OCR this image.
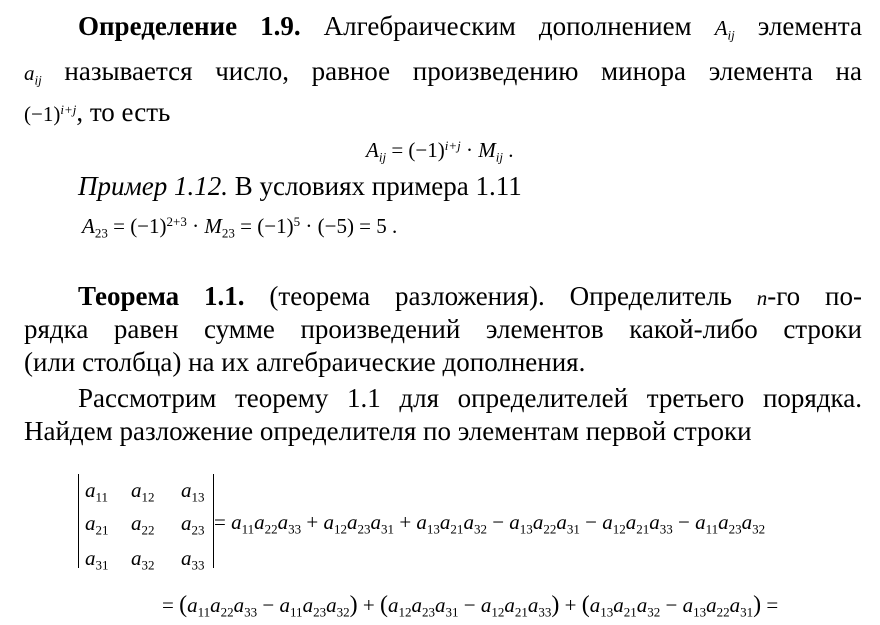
Определение 1.9. Алгебраическим дополнением $A_{ij}$ элемента
$a_{ij}$ называется число, равное произведению минора элемента на
$(-1)^{i+j}$, то есть
$A_{ij} = (-1)^{i+j} \cdot M_{ij}$ .
Пример 1.12. В условиях примера 1.11
$A_{23} = (-1)^{2+3} \cdot M_{23} = (-1)^5 \cdot (-5) = 5$ .
Теорема 1.1. (теорема разложения). Определитель n-го по-
рядка равен сумме произведений элементов какой-либо строки
(или столбца) на их алгебраические дополнения.
Рассмотрим теорему 1.1 для определителей третьего порядка.
Найдем разложение определителя по элементам первой строки
$a_{11}$ $a_{12}$ $a_{13}$
$a_{21}$ $a_{22}$ $a_{23}$
$a_{31}$ $a_{32}$ $a_{33}$
= $a_{11}a_{22}a_{33} + a_{12}a_{23}a_{31} + a_{13}a_{21}a_{32} - a_{13}a_{22}a_{31} - a_{12}a_{21}a_{33} - a_{11}a_{23}a_{32}$
= $(a_{11}a_{22}a_{33} - a_{11}a_{23}a_{32}) + (a_{12}a_{23}a_{31} - a_{12}a_{21}a_{33}) + (a_{13}a_{21}a_{32} - a_{13}a_{22}a_{31})$ =
